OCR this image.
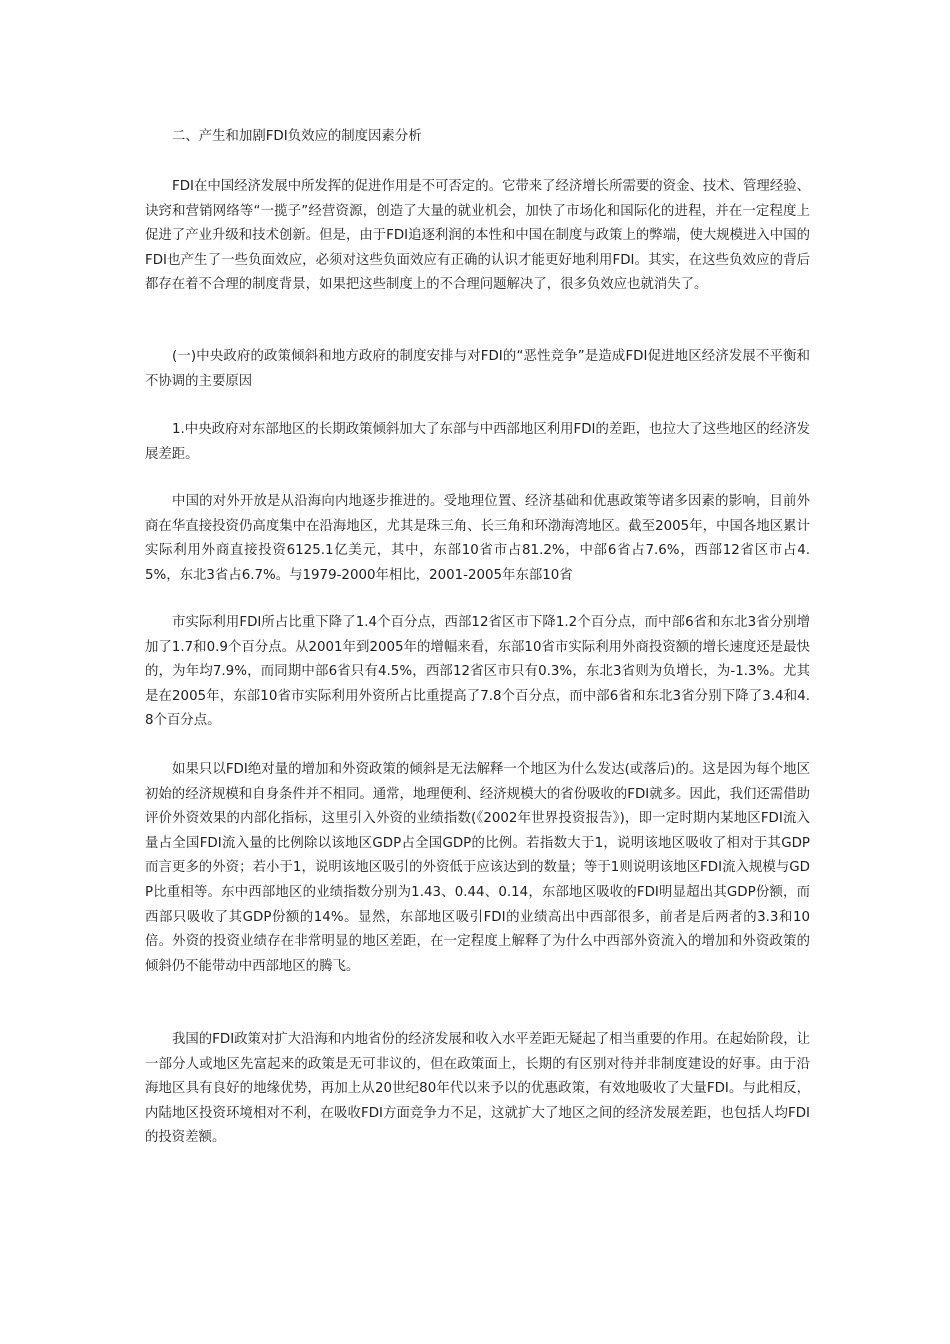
二、产生和加剧FDI负效应的制度因素分析

FDI在中国经济发展中所发挥的促进作用是不可否定的。它带来了经济增长所需要的资金、技术、管理经验、诀窍和营销网络等“一揽子”经营资源，创造了大量的就业机会，加快了市场化和国际化的进程，并在一定程度上促进了产业升级和技术创新。但是，由于FDI追逐利润的本性和中国在制度与政策上的弊端，使大规模进入中国的FDI也产生了一些负面效应，必须对这些负面效应有正确的认识才能更好地利用FDI。其实，在这些负效应的背后都存在着不合理的制度背景，如果把这些制度上的不合理问题解决了，很多负效应也就消失了。

(一)中央政府的政策倾斜和地方政府的制度安排与对FDI的“恶性竞争”是造成FDI促进地区经济发展不平衡和不协调的主要原因

1.中央政府对东部地区的长期政策倾斜加大了东部与中西部地区利用FDI的差距，也拉大了这些地区的经济发展差距。

中国的对外开放是从沿海向内地逐步推进的。受地理位置、经济基础和优惠政策等诸多因素的影响，目前外商在华直接投资仍高度集中在沿海地区，尤其是珠三角、长三角和环渤海湾地区。截至2005年，中国各地区累计实际利用外商直接投资6125.1亿美元，其中，东部10省市占81.2%，中部6省占7.6%，西部12省区市占4.5%，东北3省占6.7%。与1979-2000年相比，2001-2005年东部10省

市实际利用FDI所占比重下降了1.4个百分点，西部12省区市下降1.2个百分点，而中部6省和东北3省分别增加了1.7和0.9个百分点。从2001年到2005年的增幅来看，东部10省市实际利用外商投资额的增长速度还是最快的，为年均7.9%，而同期中部6省只有4.5%，西部12省区市只有0.3%，东北3省则为负增长，为-1.3%。尤其是在2005年，东部10省市实际利用外资所占比重提高了7.8个百分点，而中部6省和东北3省分别下降了3.4和4.8个百分点。

如果只以FDI绝对量的增加和外资政策的倾斜是无法解释一个地区为什么发达(或落后)的。这是因为每个地区初始的经济规模和自身条件并不相同。通常，地理便利、经济规模大的省份吸收的FDI就多。因此，我们还需借助评价外资效果的内部化指标，这里引入外资的业绩指数(《2002年世界投资报告》)，即一定时期内某地区FDI流入量占全国FDI流入量的比例除以该地区GDP占全国GDP的比例。若指数大于1，说明该地区吸收了相对于其GDP而言更多的外资；若小于1，说明该地区吸引的外资低于应该达到的数量；等于1则说明该地区FDI流入规模与GDP比重相等。东中西部地区的业绩指数分别为1.43、0.44、0.14，东部地区吸收的FDI明显超出其GDP份额，而西部只吸收了其GDP份额的14%。显然，东部地区吸引FDI的业绩高出中西部很多，前者是后两者的3.3和10倍。外资的投资业绩存在非常明显的地区差距，在一定程度上解释了为什么中西部外资流入的增加和外资政策的倾斜仍不能带动中西部地区的腾飞。

我国的FDI政策对扩大沿海和内地省份的经济发展和收入水平差距无疑起了相当重要的作用。在起始阶段，让一部分人或地区先富起来的政策是无可非议的，但在政策面上，长期的有区别对待并非制度建设的好事。由于沿海地区具有良好的地缘优势，再加上从20世纪80年代以来予以的优惠政策，有效地吸收了大量FDI。与此相反，内陆地区投资环境相对不利，在吸收FDI方面竞争力不足，这就扩大了地区之间的经济发展差距，也包括人均FDI的投资差额。
